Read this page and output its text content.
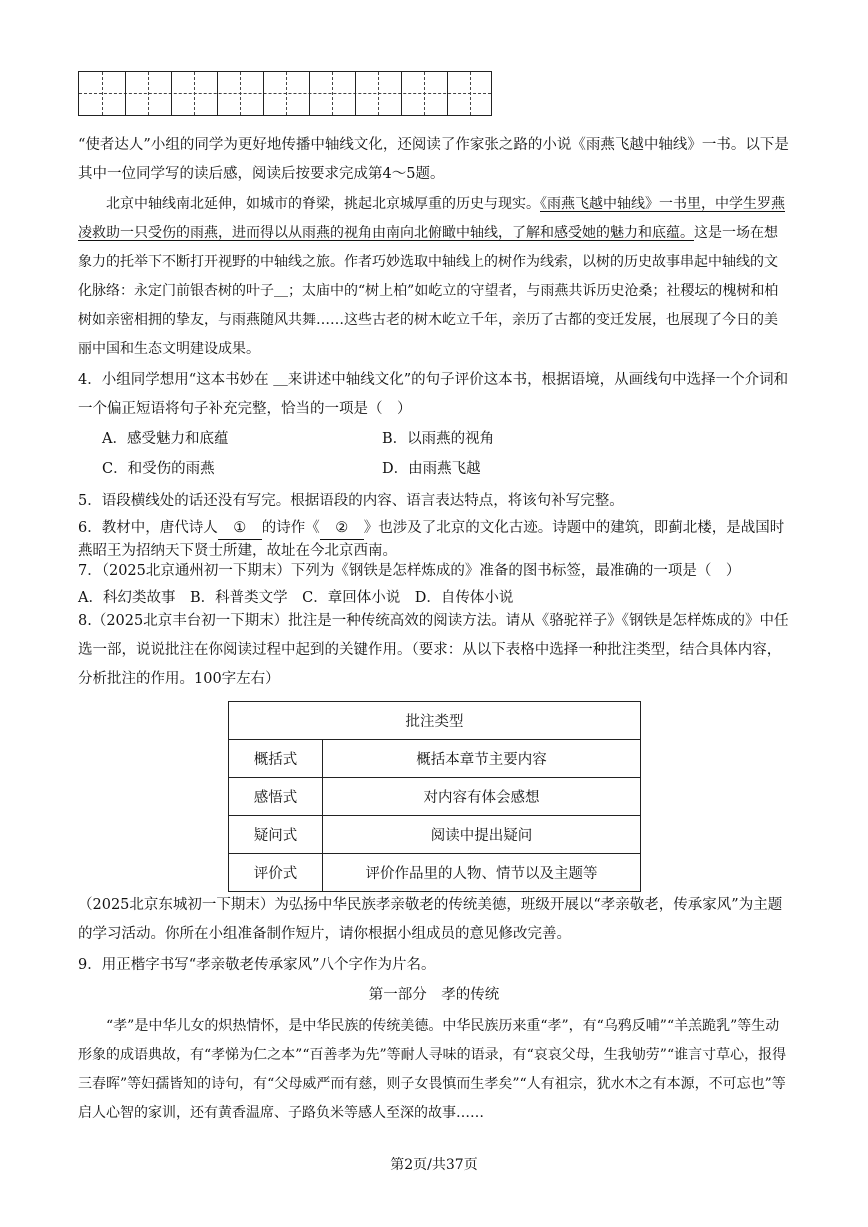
“使者达人”小组的同学为更好地传播中轴线文化，还阅读了作家张之路的小说《雨燕飞越中轴线》一书。以下是其中一位同学写的读后感，阅读后按要求完成第4～5题。
北京中轴线南北延伸，如城市的脊梁，挑起北京城厚重的历史与现实。《雨燕飞越中轴线》一书里，中学生罗燕凌救助一只受伤的雨燕，进而得以从雨燕的视角由南向北俯瞰中轴线，了解和感受她的魅力和底蕴。这是一场在想象力的托举下不断打开视野的中轴线之旅。作者巧妙选取中轴线上的树作为线索，以树的历史故事串起中轴线的文化脉络：永定门前银杏树的叶子＿；太庙中的“树上柏”如屹立的守望者，与雨燕共诉历史沧桑；社稷坛的槐树和柏树如亲密相拥的挚友，与雨燕随风共舞……这些古老的树木屹立千年，亲历了古都的变迁发展，也展现了今日的美丽中国和生态文明建设成果。
4．小组同学想用“这本书妙在 ＿来讲述中轴线文化”的句子评价这本书，根据语境，从画线句中选择一个介词和一个偏正短语将句子补充完整，恰当的一项是（　）
A．感受魅力和底蕴	B．以雨燕的视角
C．和受伤的雨燕	D．由雨燕飞越
5．语段横线处的话还没有写完。根据语段的内容、语言表达特点，将该句补写完整。
6．教材中，唐代诗人 ① 的诗作《 ② 》也涉及了北京的文化古迹。诗题中的建筑，即蓟北楼，是战国时燕昭王为招纳天下贤士所建，故址在今北京西南。
7．（2025北京通州初一下期末）下列为《钢铁是怎样炼成的》准备的图书标签，最准确的一项是（　）
A．科幻类故事　B．科普类文学　C．章回体小说　D．自传体小说
8.（2025北京丰台初一下期末）批注是一种传统高效的阅读方法。请从《骆驼祥子》《钢铁是怎样炼成的》中任选一部，说说批注在你阅读过程中起到的关键作用。（要求：从以下表格中选择一种批注类型，结合具体内容，分析批注的作用。100字左右）
批注类型	
概括式	概括本章节主要内容
感悟式	对内容有体会感想
疑问式	阅读中提出疑问
评价式	评价作品里的人物、情节以及主题等
（2025北京东城初一下期末）为弘扬中华民族孝亲敬老的传统美德，班级开展以“孝亲敬老，传承家风”为主题的学习活动。你所在小组准备制作短片，请你根据小组成员的意见修改完善。
9．用正楷字书写“孝亲敬老传承家风”八个字作为片名。
第一部分　孝的传统
“孝”是中华儿女的炽热情怀，是中华民族的传统美德。中华民族历来重“孝”，有“乌鸦反哺”“羊羔跪乳”等生动形象的成语典故，有“孝悌为仁之本”“百善孝为先”等耐人寻味的语录，有“哀哀父母，生我劬劳”“谁言寸草心，报得三春晖”等妇孺皆知的诗句，有“父母威严而有慈，则子女畏慎而生孝矣”“人有祖宗，犹水木之有本源，不可忘也”等启人心智的家训，还有黄香温席、子路负米等感人至深的故事……
第2页/共37页
